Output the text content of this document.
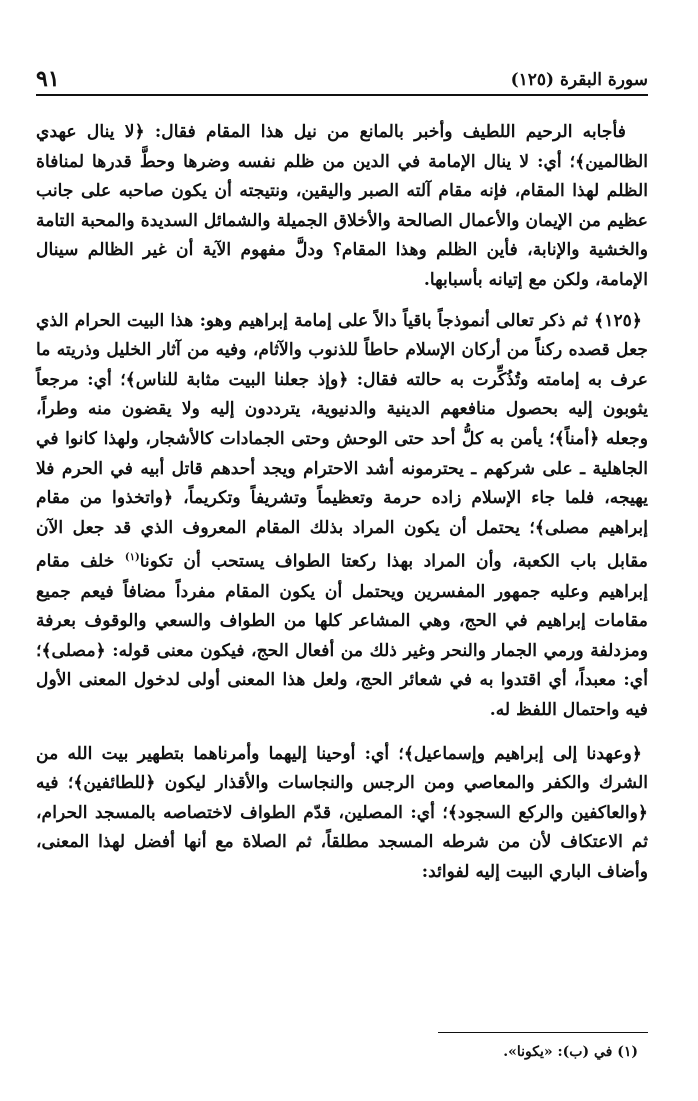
سورة البقرة (١٢٥)
٩١

فأجابه الرحيم اللطيف وأخبر بالمانع من نيل هذا المقام فقال: ﴿لا ينال عهدي الظالمين﴾؛ أي: لا ينال الإمامة في الدين من ظلم نفسه وضرها وحطَّ قدرها لمنافاة الظلم لهذا المقام، فإنه مقام آلته الصبر واليقين، ونتيجته أن يكون صاحبه على جانب عظيم من الإيمان والأعمال الصالحة والأخلاق الجميلة والشمائل السديدة والمحبة التامة والخشية والإنابة، فأين الظلم وهذا المقام؟ ودلَّ مفهوم الآية أن غير الظالم سينال الإمامة، ولكن مع إتيانه بأسبابها.

﴿١٢٥﴾ ثم ذكر تعالى أنموذجاً باقياً دالاً على إمامة إبراهيم وهو: هذا البيت الحرام الذي جعل قصده ركناً من أركان الإسلام حاطاً للذنوب والآثام، وفيه من آثار الخليل وذريته ما عرف به إمامته وتُذُكِّرت به حالته فقال: ﴿وإذ جعلنا البيت مثابة للناس﴾؛ أي: مرجعاً يثوبون إليه بحصول منافعهم الدينية والدنيوية، يترددون إليه ولا يقضون منه وطراً، وجعله ﴿أمناً﴾؛ يأمن به كلُّ أحد حتى الوحش وحتى الجمادات كالأشجار، ولهذا كانوا في الجاهلية ـ على شركهم ـ يحترمونه أشد الاحترام ويجد أحدهم قاتل أبيه في الحرم فلا يهيجه، فلما جاء الإسلام زاده حرمة وتعظيماً وتشريفاً وتكريماً، ﴿واتخذوا من مقام إبراهيم مصلى﴾؛ يحتمل أن يكون المراد بذلك المقام المعروف الذي قد جعل الآن مقابل باب الكعبة، وأن المراد بهذا ركعتا الطواف يستحب أن تكونا$^{(١)}$ خلف مقام إبراهيم وعليه جمهور المفسرين ويحتمل أن يكون المقام مفرداً مضافاً فيعم جميع مقامات إبراهيم في الحج، وهي المشاعر كلها من الطواف والسعي والوقوف بعرفة ومزدلفة ورمي الجمار والنحر وغير ذلك من أفعال الحج، فيكون معنى قوله: ﴿مصلى﴾؛ أي: معبداً، أي اقتدوا به في شعائر الحج، ولعل هذا المعنى أولى لدخول المعنى الأول فيه واحتمال اللفظ له.

﴿وعهدنا إلى إبراهيم وإسماعيل﴾؛ أي: أوحينا إليهما وأمرناهما بتطهير بيت الله من الشرك والكفر والمعاصي ومن الرجس والنجاسات والأقذار ليكون ﴿للطائفين﴾؛ فيه ﴿والعاكفين والركع السجود﴾؛ أي: المصلين، قدّم الطواف لاختصاصه بالمسجد الحرام، ثم الاعتكاف لأن من شرطه المسجد مطلقاً، ثم الصلاة مع أنها أفضل لهذا المعنى، وأضاف الباري البيت إليه لفوائد:

(١) في (ب): «يكونا».
